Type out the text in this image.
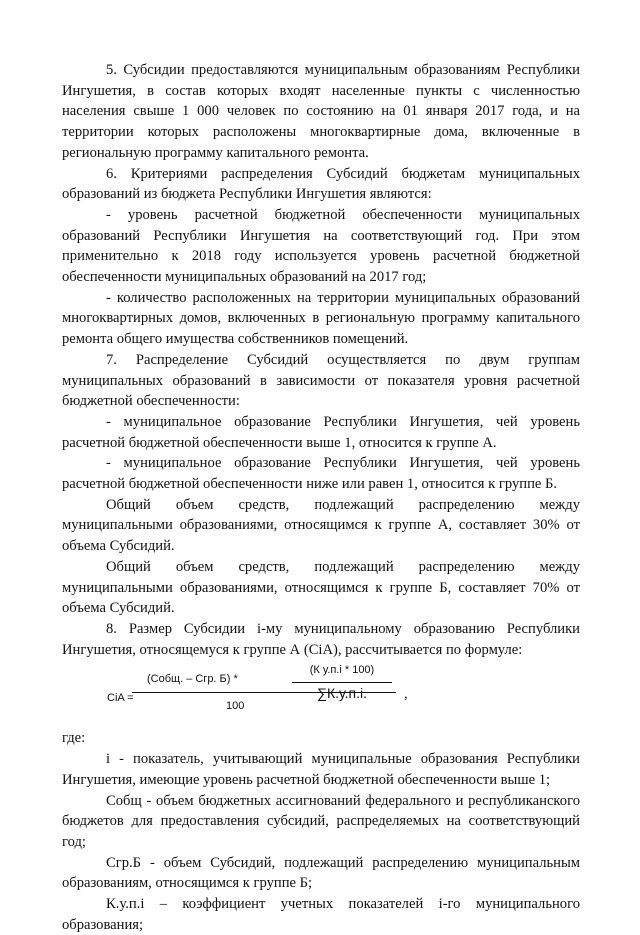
5. Субсидии предоставляются муниципальным образованиям Республики Ингушетия, в состав которых входят населенные пункты с численностью населения свыше 1 000 человек по состоянию на 01 января 2017 года, и на территории которых расположены многоквартирные дома, включенные в региональную программу капитального ремонта.

6. Критериями распределения Субсидий бюджетам муниципальных образований из бюджета Республики Ингушетия являются:

- уровень расчетной бюджетной обеспеченности муниципальных образований Республики Ингушетия на соответствующий год. При этом применительно к 2018 году используется уровень расчетной бюджетной обеспеченности муниципальных образований на 2017 год;

- количество расположенных на территории муниципальных образований многоквартирных домов, включенных в региональную программу капитального ремонта общего имущества собственников помещений.

7. Распределение Субсидий осуществляется по двум группам муниципальных образований в зависимости от показателя уровня расчетной бюджетной обеспеченности:

- муниципальное образование Республики Ингушетия, чей уровень расчетной бюджетной обеспеченности выше 1, относится к группе А.

- муниципальное образование Республики Ингушетия, чей уровень расчетной бюджетной обеспеченности ниже или равен 1, относится к группе Б.

Общий объем средств, подлежащий распределению между муниципальными образованиями, относящимся к группе А, составляет 30% от объема Субсидий.

Общий объем средств, подлежащий распределению между муниципальными образованиями, относящимся к группе Б, составляет 70% от объема Субсидий.

8. Размер Субсидии i-му муниципальному образованию Республики Ингушетия, относящемуся к группе А (CiA), рассчитывается по формуле:

CiA =
(Собщ. – Сгр. Б) *
(К у.п.i * 100)
∑К.у.п.i.
100
,

где:

i - показатель, учитывающий муниципальные образования Республики Ингушетия, имеющие уровень расчетной бюджетной обеспеченности выше 1;

Собщ - объем бюджетных ассигнований федерального и республиканского бюджетов для предоставления субсидий, распределяемых на соответствующий год;

Сгр.Б - объем Субсидий, подлежащий распределению муниципальным образованиям, относящимся к группе Б;

К.у.п.i – коэффициент учетных показателей i-го муниципального образования;
